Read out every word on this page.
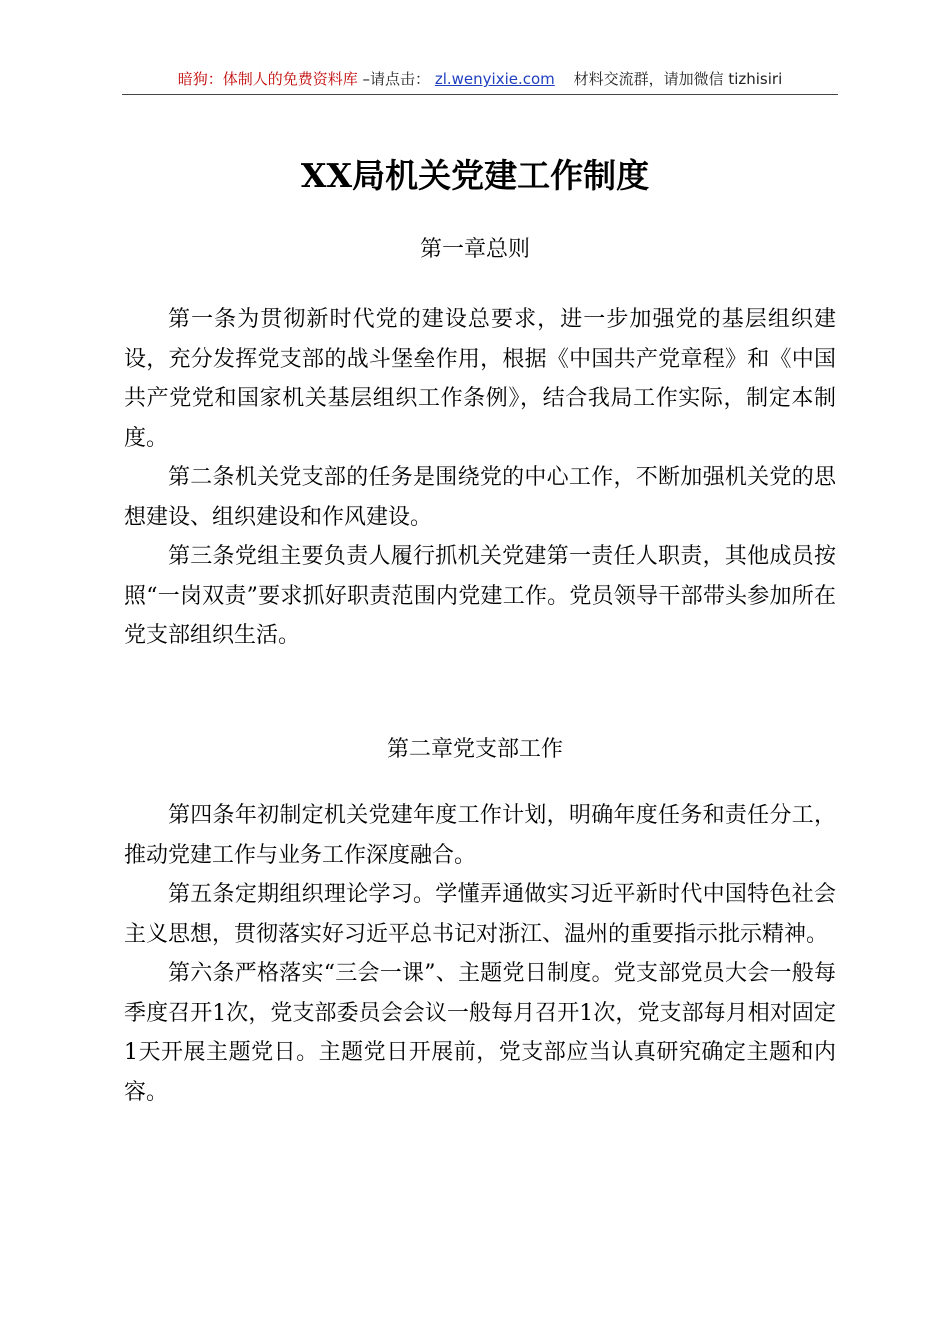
暗狗：体制人的免费资料库 –请点击： zl.wenyixie.com 材料交流群，请加微信 tizhisiri
XX局机关党建工作制度
第一章总则

第一条为贯彻新时代党的建设总要求，进一步加强党的基层组织建设，充分发挥党支部的战斗堡垒作用，根据《中国共产党章程》和《中国共产党党和国家机关基层组织工作条例》，结合我局工作实际，制定本制度。

第二条机关党支部的任务是围绕党的中心工作，不断加强机关党的思想建设、组织建设和作风建设。

第三条党组主要负责人履行抓机关党建第一责任人职责，其他成员按照“一岗双责”要求抓好职责范围内党建工作。党员领导干部带头参加所在党支部组织生活。

第二章党支部工作

第四条年初制定机关党建年度工作计划，明确年度任务和责任分工，推动党建工作与业务工作深度融合。

第五条定期组织理论学习。学懂弄通做实习近平新时代中国特色社会主义思想，贯彻落实好习近平总书记对浙江、温州的重要指示批示精神。

第六条严格落实“三会一课”、主题党日制度。党支部党员大会一般每季度召开1次，党支部委员会会议一般每月召开1次，党支部每月相对固定1天开展主题党日。主题党日开展前，党支部应当认真研究确定主题和内容。
